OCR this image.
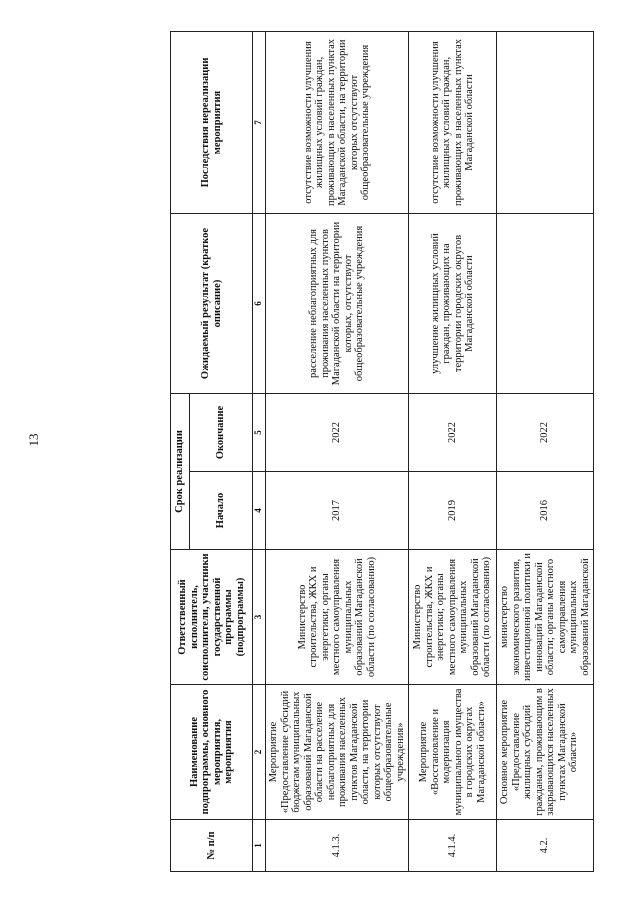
13
№ п/п	Наименование подпрограммы, основного мероприятия, мероприятия	Ответственный исполнитель, соисполнители, участники государственной программы (подпрограммы)	Срок реализации		Ожидаемый результат (краткое описание)	Последствия нереализации мероприятия
			Начало	Окончание		
1	2	3	4	5	6	7
4.1.3.	Мероприятие «Предоставление субсидий бюджетам муниципальных образований Магаданской области на расселение неблагоприятных для проживания населенных пунктов Магаданской области, на территории которых отсутствуют общеобразовательные учреждения»	Министерство строительства, ЖКХ и энергетики; органы местного самоуправления муниципальных образований Магаданской области (по согласованию)	2017	2022	расселение неблагоприятных для проживания населенных пунктов Магаданской области на территории которых, отсутствуют общеобразовательные учреждения	отсутствие возможности улучшения жилищных условий граждан, проживающих в населенных пунктах Магаданской области, на территории которых отсутствуют общеобразовательные учреждения
4.1.4.	Мероприятие «Восстановление и модернизация муниципального имущества в городских округах Магаданской области»	Министерство строительства, ЖКХ и энергетики; органы местного самоуправления муниципальных образований Магаданской области (по согласованию)	2019	2022	улучшение жилищных условий граждан, проживающих на территории городских округов Магаданской области	отсутствие возможности улучшения жилищных условий граждан, проживающих в населенных пунктах Магаданской области
4.2.	Основное мероприятие «Предоставление жилищных субсидий гражданам, проживающим в закрывающихся населенных пунктах Магаданской области»	министерство экономического развития, инвестиционной политики и инноваций Магаданской области; органы местного самоуправления муниципальных образований Магаданской	2016	2022		
